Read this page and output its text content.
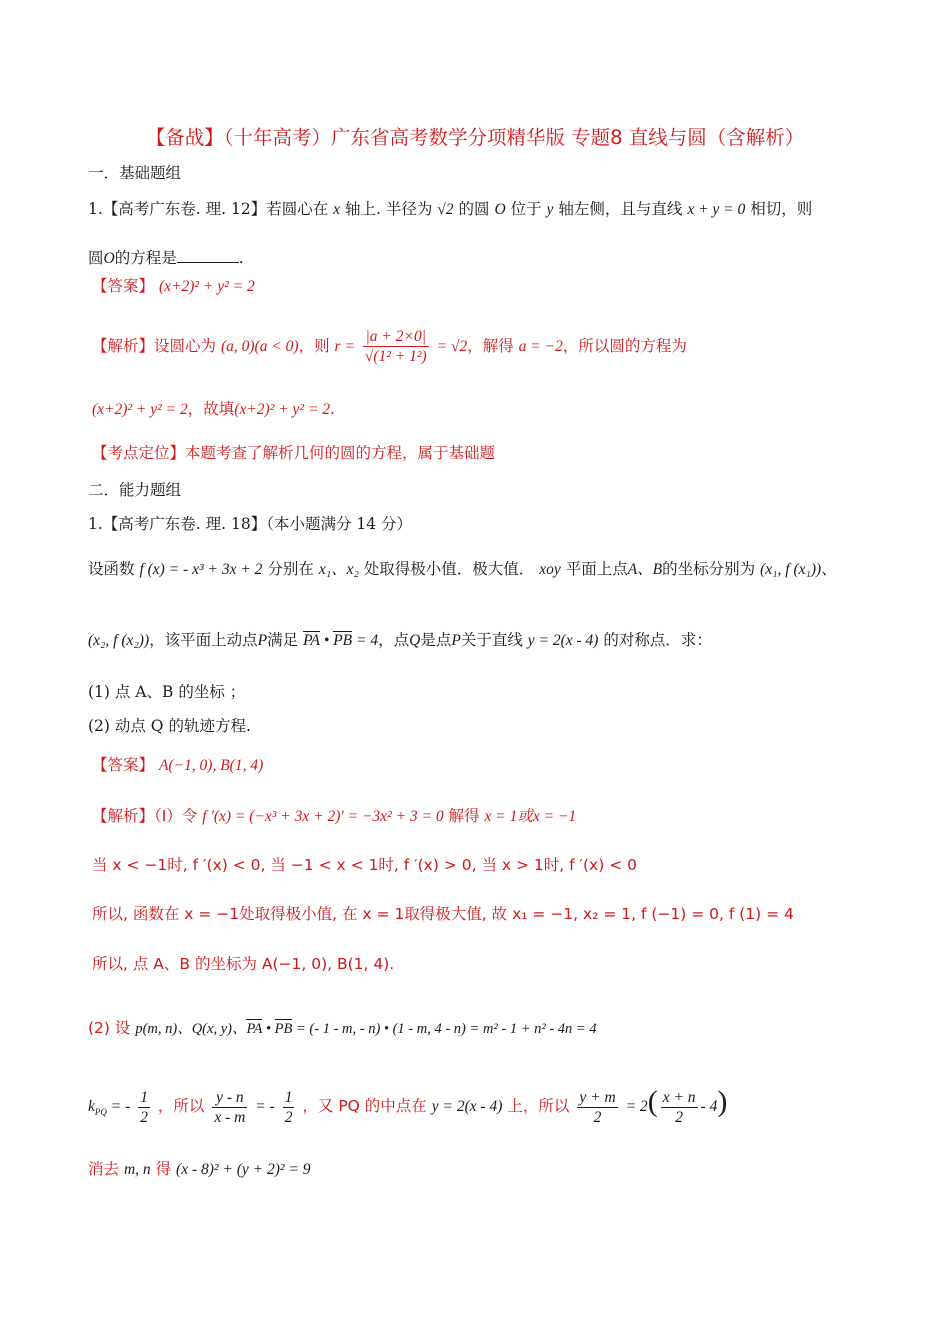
【备战】（十年高考）广东省高考数学分项精华版 专题8 直线与圆（含解析）
一．基础题组
1.【高考广东卷. 理. 12】若圆心在 x 轴上. 半径为 √2 的圆 O 位于 y 轴左侧，且与直线 x + y = 0 相切，则
圆O的方程是	.
【答案】 (x+2)² + y² = 2
【解析】设圆心为 (a, 0)(a < 0)，则 $r = \frac{|a + 2\times 0|}{\text{√(1² + 1²)}} = √2$，解得 a = −2，所以圆的方程为
(x+2)² + y² = 2，故填(x+2)² + y² = 2.
【考点定位】本题考查了解析几何的圆的方程，属于基础题
二．能力题组
1.【高考广东卷. 理. 18】（本小题满分 14 分）
设函数 f (x) = - x³ + 3x + 2 分别在 x₁、x₂ 处取得极小值．极大值． xoy 平面上点A、B的坐标分别为 (x₁, f (x₁))、
(x₂, f (x₂))，该平面上动点P满足 PA • PB = 4，点Q是点P关于直线 y = 2(x - 4) 的对称点．求：
(1) 点 A、B 的坐标 ；
(2) 动点 Q 的轨迹方程.
【答案】 A(−1, 0), B(1, 4)
【解析】（Ⅰ）令 f ′(x) = (−x³ + 3x + 2)′ = −3x² + 3 = 0 解得 x = 1或x = −1
当 x < −1时, f ′(x) < 0, 当 −1 < x < 1时, f ′(x) > 0, 当 x > 1时, f ′(x) < 0
所以, 函数在 x = −1处取得极小值, 在 x = 1取得极大值, 故 x₁ = −1, x₂ = 1, f (−1) = 0, f (1) = 4
所以, 点 A、B 的坐标为 A(−1, 0), B(1, 4).
(2) 设 p(m, n)、Q(x, y)、PA • PB = (- 1 - m, - n) • (1 - m, 4 - n) = m² - 1 + n² - 4n = 4
$k_{PQ}$ = - $\frac{1}{2}$ ，所以 $\frac{y - n}{x - m}$ = - $\frac{1}{2}$ ，又 PQ 的中点在 y = 2(x - 4) 上，所以 $\frac{y + m}{2} = 2( \frac{x + n}{2} - 4)$
消去 m, n 得 (x - 8)² + (y + 2)² = 9
